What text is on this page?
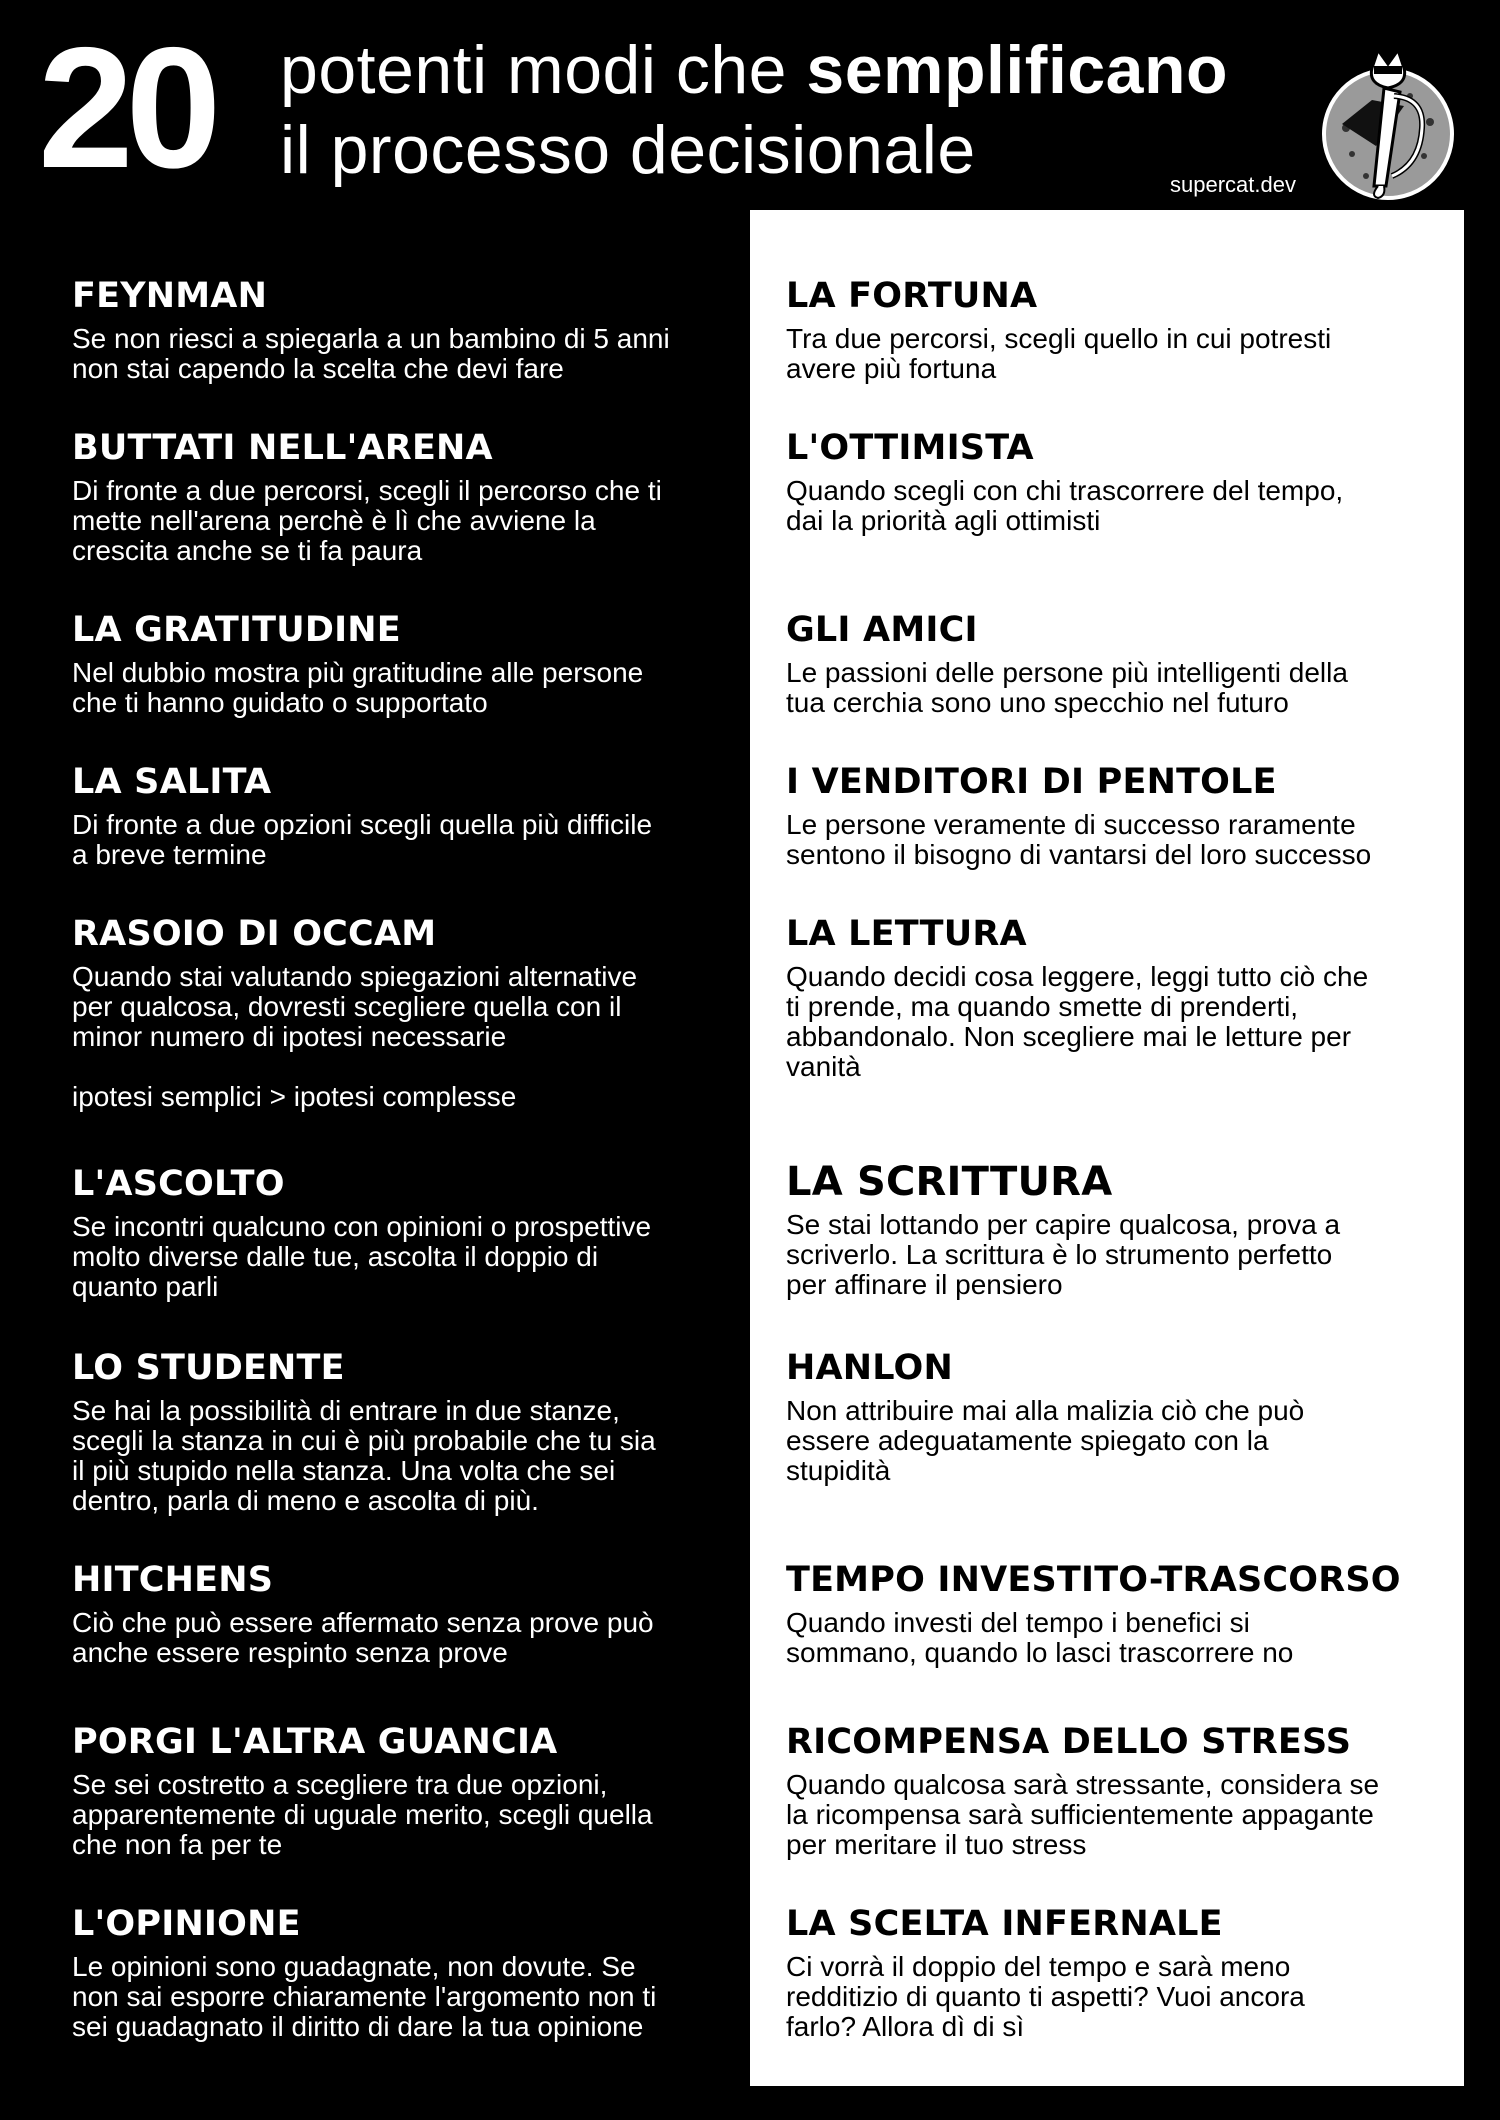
20 potenti modi che semplificano
il processo decisionale	supercat.dev
FEYNMAN

Se non riesci a spiegarla a un bambino di 5 anni
non stai capendo la scelta che devi fare

BUTTATI NELL'ARENA

Di fronte a due percorsi, scegli il percorso che ti
mette nell'arena perchè è lì che avviene la
crescita anche se ti fa paura

LA GRATITUDINE

Nel dubbio mostra più gratitudine alle persone
che ti hanno guidato o supportato

LA SALITA

Di fronte a due opzioni scegli quella più difficile
a breve termine

RASOIO DI OCCAM

Quando stai valutando spiegazioni alternative
per qualcosa, dovresti scegliere quella con il
minor numero di ipotesi necessarie

ipotesi semplici > ipotesi complesse

L'ASCOLTO

Se incontri qualcuno con opinioni o prospettive
molto diverse dalle tue, ascolta il doppio di
quanto parli

LO STUDENTE

Se hai la possibilità di entrare in due stanze,
scegli la stanza in cui è più probabile che tu sia
il più stupido nella stanza. Una volta che sei
dentro, parla di meno e ascolta di più.

HITCHENS

Ciò che può essere affermato senza prove può
anche essere respinto senza prove

PORGI L'ALTRA GUANCIA

Se sei costretto a scegliere tra due opzioni,
apparentemente di uguale merito, scegli quella
che non fa per te

L'OPINIONE

Le opinioni sono guadagnate, non dovute. Se
non sai esporre chiaramente l'argomento non ti
sei guadagnato il diritto di dare la tua opinione

LA FORTUNA

Tra due percorsi, scegli quello in cui potresti
avere più fortuna

L'OTTIMISTA

Quando scegli con chi trascorrere del tempo,
dai la priorità agli ottimisti

GLI AMICI

Le passioni delle persone più intelligenti della
tua cerchia sono uno specchio nel futuro

I VENDITORI DI PENTOLE

Le persone veramente di successo raramente
sentono il bisogno di vantarsi del loro successo

LA LETTURA

Quando decidi cosa leggere, leggi tutto ciò che
ti prende, ma quando smette di prenderti,
abbandonalo. Non scegliere mai le letture per
vanità

LA SCRITTURA

Se stai lottando per capire qualcosa, prova a
scriverlo. La scrittura è lo strumento perfetto
per affinare il pensiero

HANLON

Non attribuire mai alla malizia ciò che può
essere adeguatamente spiegato con la
stupidità

TEMPO INVESTITO-TRASCORSO

Quando investi del tempo i benefici si
sommano, quando lo lasci trascorrere no

RICOMPENSA DELLO STRESS

Quando qualcosa sarà stressante, considera se
la ricompensa sarà sufficientemente appagante
per meritare il tuo stress

LA SCELTA INFERNALE

Ci vorrà il doppio del tempo e sarà meno
redditizio di quanto ti aspetti? Vuoi ancora
farlo? Allora dì di sì
